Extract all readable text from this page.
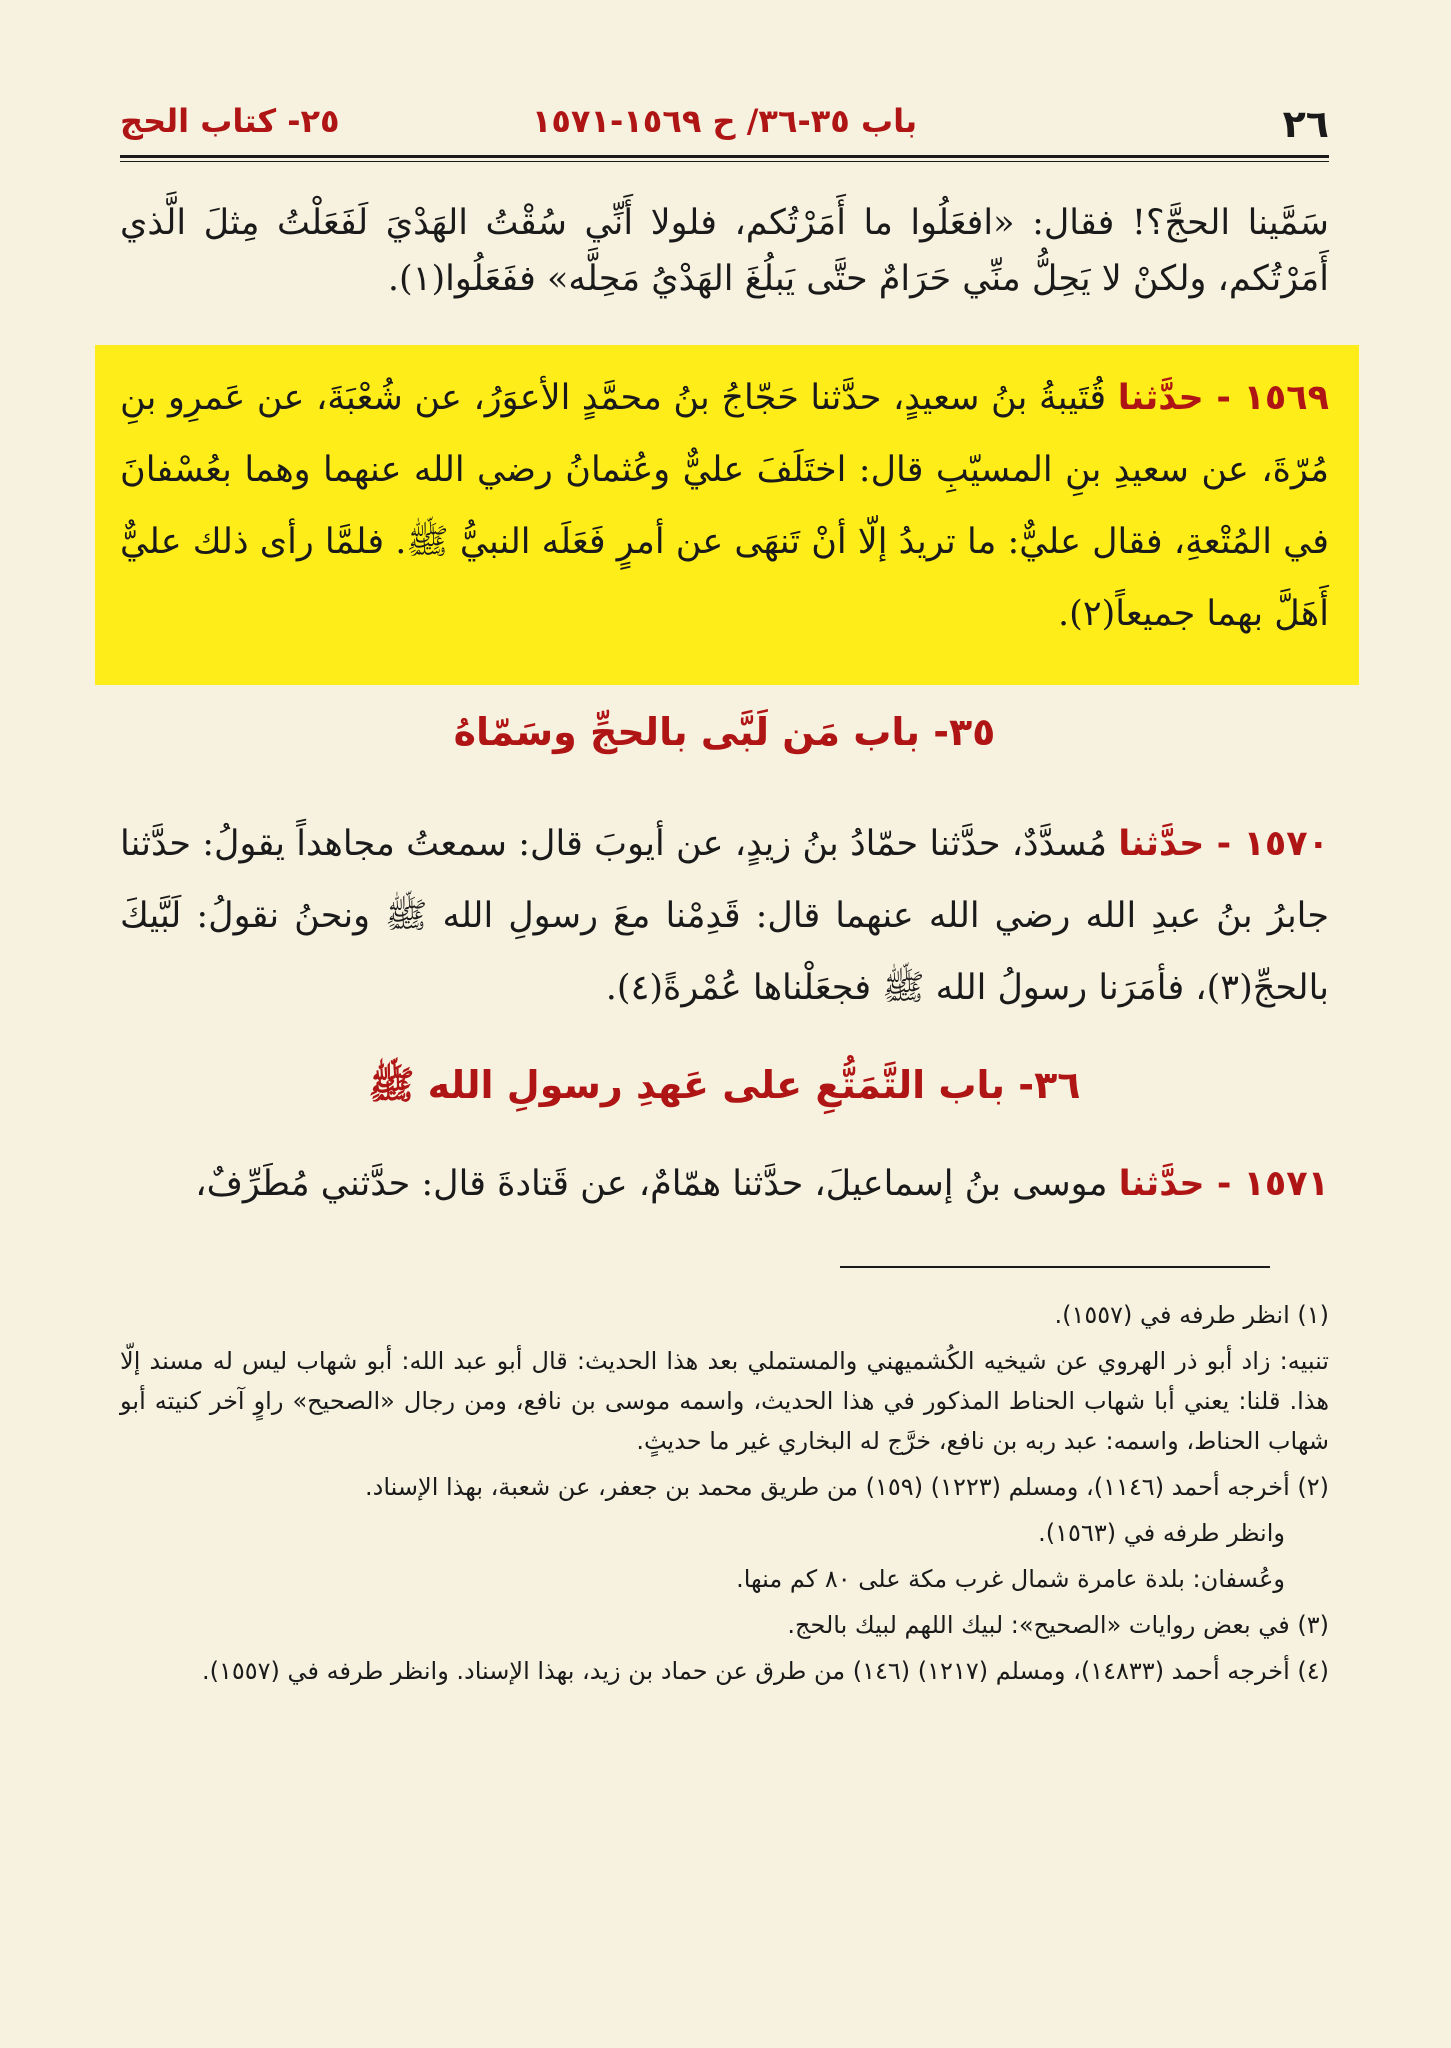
٢٦
باب ٣٥-٣٦/ ح ١٥٦٩-١٥٧١
٢٥- كتاب الحج
سَمَّينا الحجَّ؟! فقال: «افعَلُوا ما أَمَرْتُكم، فلولا أَنِّي سُقْتُ الهَدْيَ لَفَعَلْتُ مِثلَ الَّذي أَمَرْتُكم، ولكنْ لا يَحِلُّ منِّي حَرَامٌ حتَّى يَبلُغَ الهَدْيُ مَحِلَّه» ففَعَلُوا(١).
١٥٦٩ - حدَّثنا قُتَيبةُ بنُ سعيدٍ، حدَّثنا حَجّاجُ بنُ محمَّدٍ الأعوَرُ، عن شُعْبَةَ، عن عَمرِو بنِ مُرّةَ، عن سعيدِ بنِ المسيّبِ قال: اختَلَفَ عليٌّ وعُثمانُ رضي الله عنهما وهما بعُسْفانَ في المُتْعةِ، فقال عليٌّ: ما تريدُ إلّا أنْ تَنهَى عن أمرٍ فَعَلَه النبيُّ ﷺ. فلمَّا رأى ذلك عليٌّ أَهَلَّ بهما جميعاً(٢).
٣٥- باب مَن لَبَّى بالحجِّ وسَمّاهُ
١٥٧٠ - حدَّثنا مُسدَّدٌ، حدَّثنا حمّادُ بنُ زيدٍ، عن أيوبَ قال: سمعتُ مجاهداً يقولُ: حدَّثنا جابرُ بنُ عبدِ الله رضي الله عنهما قال: قَدِمْنا معَ رسولِ الله ﷺ ونحنُ نقولُ: لَبَّيكَ بالحجِّ(٣)، فأمَرَنا رسولُ الله ﷺ فجعَلْناها عُمْرةً(٤).
٣٦- باب التَّمَتُّعِ على عَهدِ رسولِ الله ﷺ
١٥٧١ - حدَّثنا موسى بنُ إسماعيلَ، حدَّثنا همّامٌ، عن قَتادةَ قال: حدَّثني مُطَرِّفٌ،

(١) انظر طرفه في (١٥٥٧).

تنبيه: زاد أبو ذر الهروي عن شيخيه الكُشميهني والمستملي بعد هذا الحديث: قال أبو عبد الله: أبو شهاب ليس له مسند إلّا هذا. قلنا: يعني أبا شهاب الحناط المذكور في هذا الحديث، واسمه موسى بن نافع، ومن رجال «الصحيح» راوٍ آخر كنيته أبو شهاب الحناط، واسمه: عبد ربه بن نافع، خرَّج له البخاري غير ما حديثٍ.

(٢) أخرجه أحمد (١١٤٦)، ومسلم (١٢٢٣) (١٥٩) من طريق محمد بن جعفر، عن شعبة، بهذا الإسناد.

وانظر طرفه في (١٥٦٣).

وعُسفان: بلدة عامرة شمال غرب مكة على ٨٠ كم منها.

(٣) في بعض روايات «الصحيح»: لبيك اللهم لبيك بالحج.

(٤) أخرجه أحمد (١٤٨٣٣)، ومسلم (١٢١٧) (١٤٦) من طرق عن حماد بن زيد، بهذا الإسناد. وانظر طرفه في (١٥٥٧).
